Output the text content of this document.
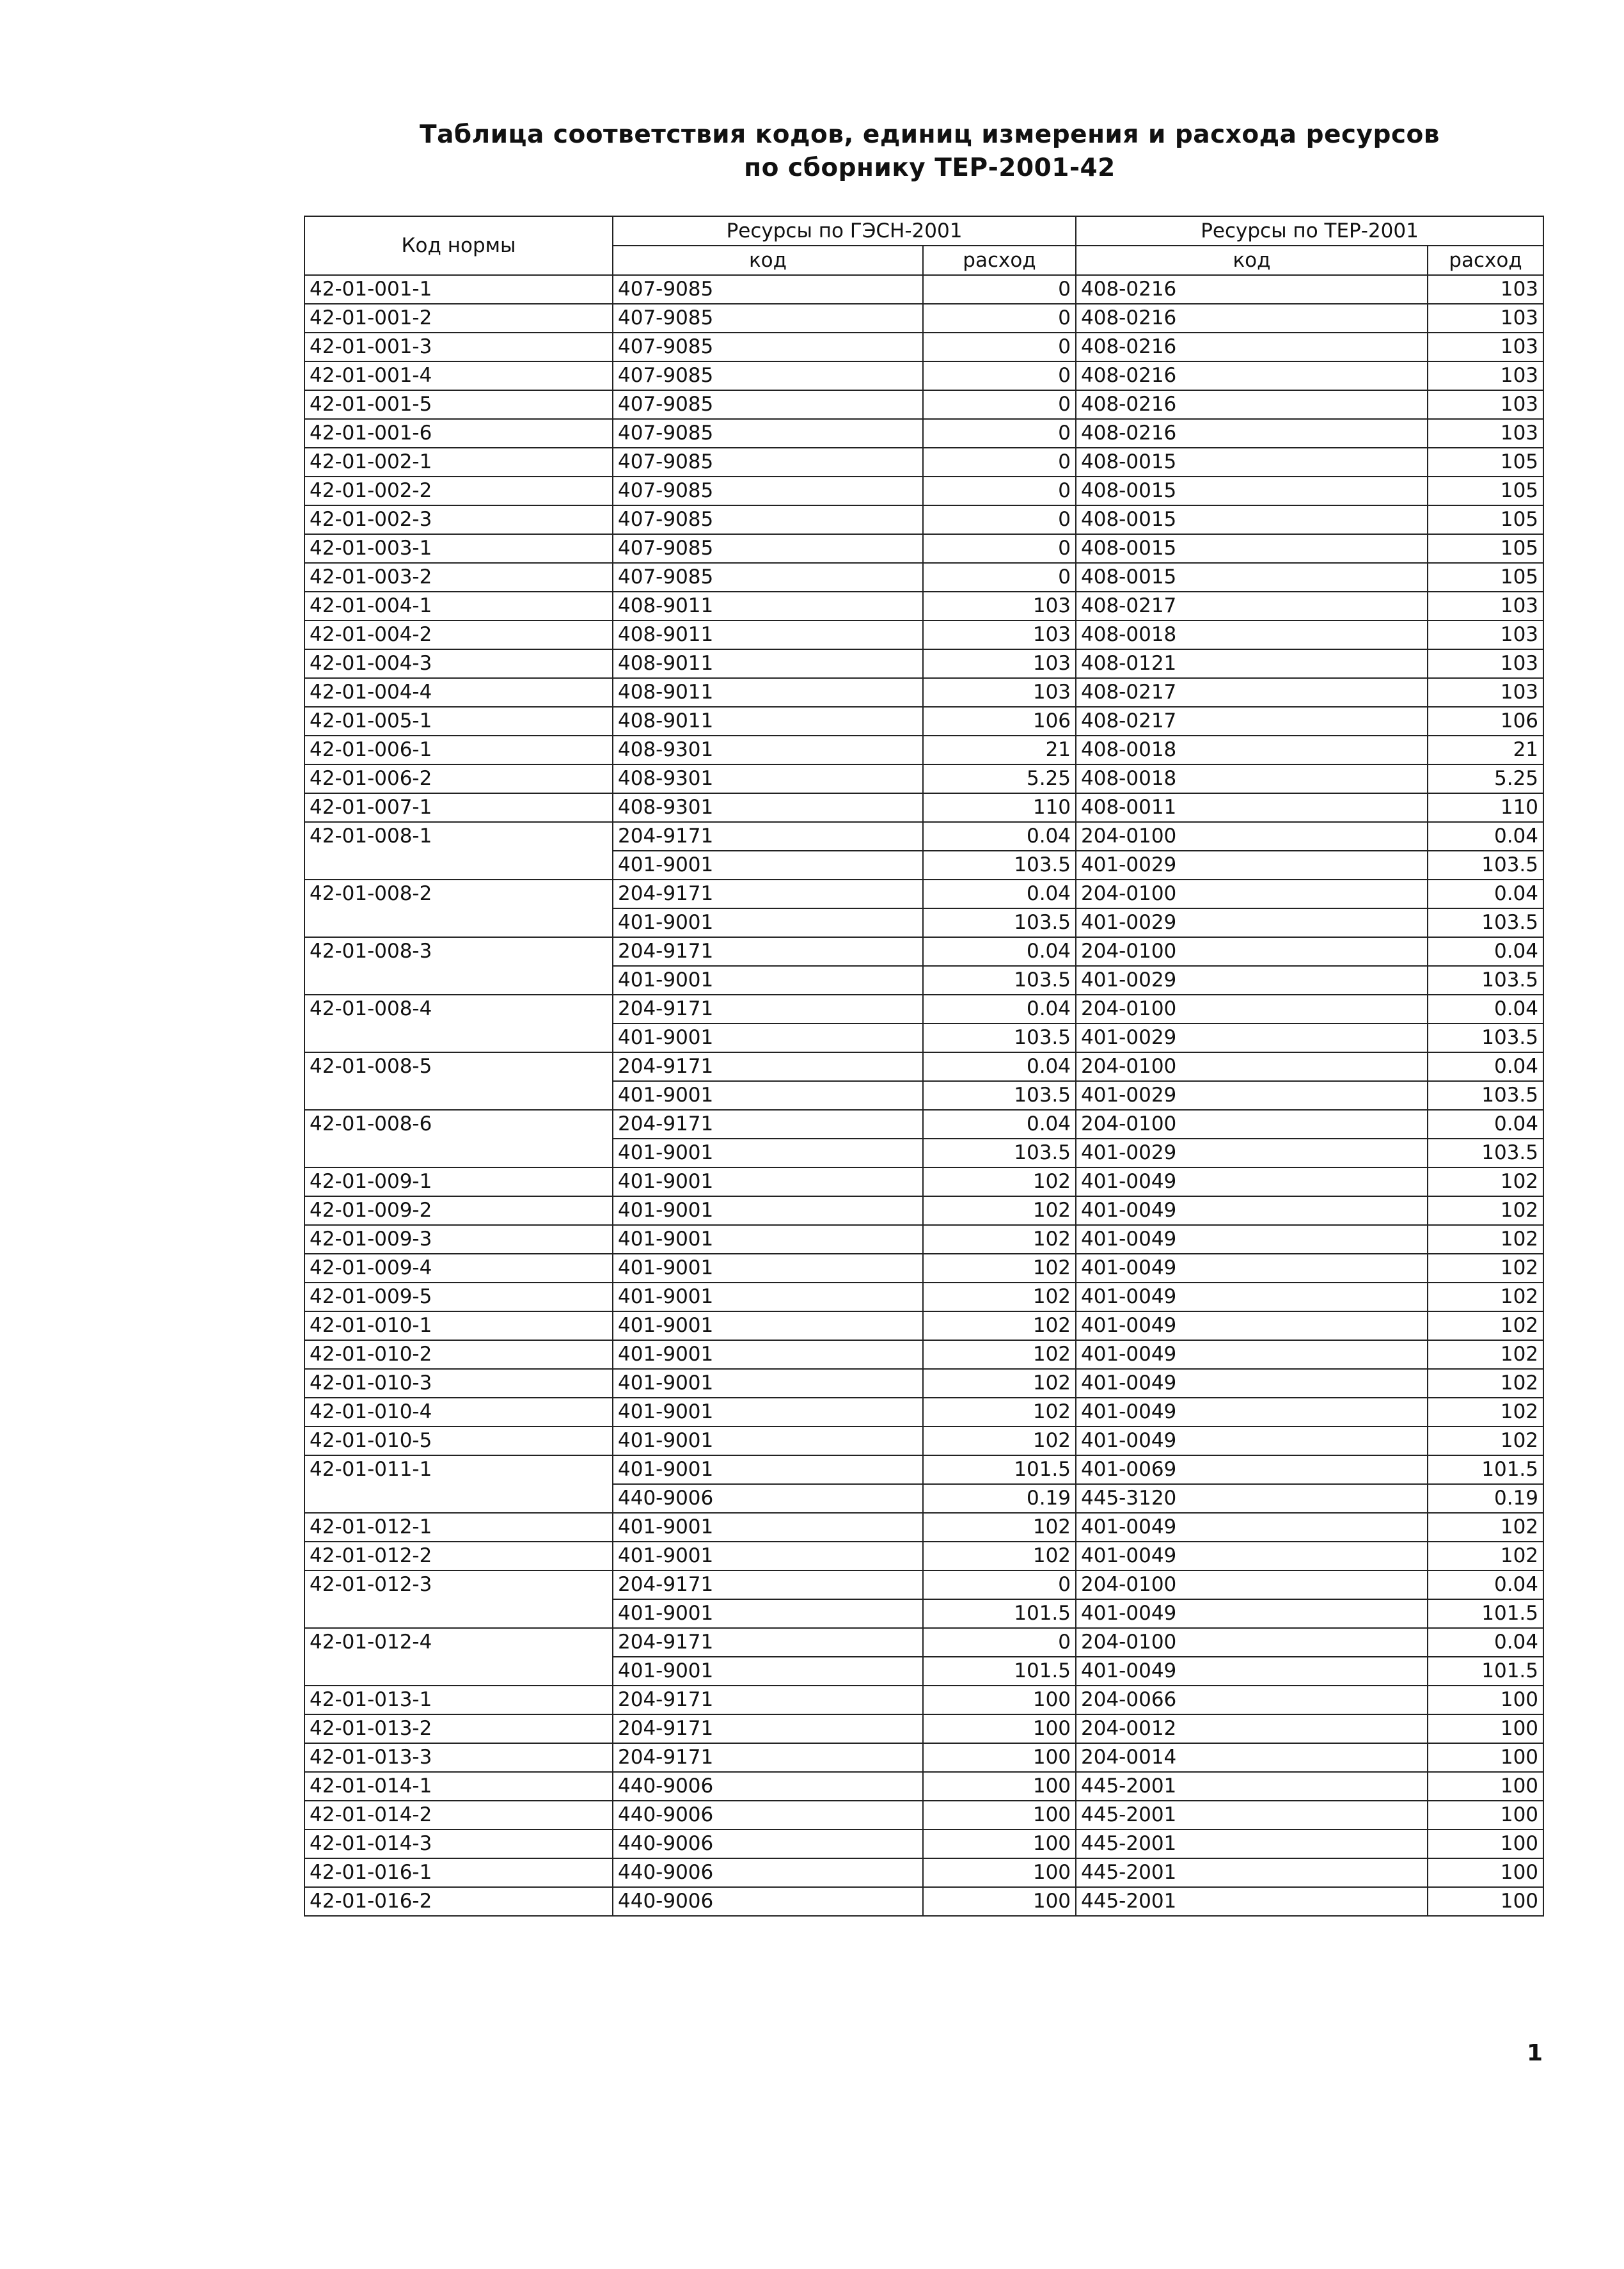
Таблица соответствия кодов, единиц измерения и расхода ресурсов
по сборнику ТЕР-2001-42
Код нормы	Ресурсы по ГЭСН-2001		Ресурсы по ТЕР-2001	
	код	расход	код	расход
42-01-001-1	407-9085	0	408-0216	103
42-01-001-2	407-9085	0	408-0216	103
42-01-001-3	407-9085	0	408-0216	103
42-01-001-4	407-9085	0	408-0216	103
42-01-001-5	407-9085	0	408-0216	103
42-01-001-6	407-9085	0	408-0216	103
42-01-002-1	407-9085	0	408-0015	105
42-01-002-2	407-9085	0	408-0015	105
42-01-002-3	407-9085	0	408-0015	105
42-01-003-1	407-9085	0	408-0015	105
42-01-003-2	407-9085	0	408-0015	105
42-01-004-1	408-9011	103	408-0217	103
42-01-004-2	408-9011	103	408-0018	103
42-01-004-3	408-9011	103	408-0121	103
42-01-004-4	408-9011	103	408-0217	103
42-01-005-1	408-9011	106	408-0217	106
42-01-006-1	408-9301	21	408-0018	21
42-01-006-2	408-9301	5.25	408-0018	5.25
42-01-007-1	408-9301	110	408-0011	110
42-01-008-1	204-9171	0.04	204-0100	0.04
	401-9001	103.5	401-0029	103.5
42-01-008-2	204-9171	0.04	204-0100	0.04
	401-9001	103.5	401-0029	103.5
42-01-008-3	204-9171	0.04	204-0100	0.04
	401-9001	103.5	401-0029	103.5
42-01-008-4	204-9171	0.04	204-0100	0.04
	401-9001	103.5	401-0029	103.5
42-01-008-5	204-9171	0.04	204-0100	0.04
	401-9001	103.5	401-0029	103.5
42-01-008-6	204-9171	0.04	204-0100	0.04
	401-9001	103.5	401-0029	103.5
42-01-009-1	401-9001	102	401-0049	102
42-01-009-2	401-9001	102	401-0049	102
42-01-009-3	401-9001	102	401-0049	102
42-01-009-4	401-9001	102	401-0049	102
42-01-009-5	401-9001	102	401-0049	102
42-01-010-1	401-9001	102	401-0049	102
42-01-010-2	401-9001	102	401-0049	102
42-01-010-3	401-9001	102	401-0049	102
42-01-010-4	401-9001	102	401-0049	102
42-01-010-5	401-9001	102	401-0049	102
42-01-011-1	401-9001	101.5	401-0069	101.5
	440-9006	0.19	445-3120	0.19
42-01-012-1	401-9001	102	401-0049	102
42-01-012-2	401-9001	102	401-0049	102
42-01-012-3	204-9171	0	204-0100	0.04
	401-9001	101.5	401-0049	101.5
42-01-012-4	204-9171	0	204-0100	0.04
	401-9001	101.5	401-0049	101.5
42-01-013-1	204-9171	100	204-0066	100
42-01-013-2	204-9171	100	204-0012	100
42-01-013-3	204-9171	100	204-0014	100
42-01-014-1	440-9006	100	445-2001	100
42-01-014-2	440-9006	100	445-2001	100
42-01-014-3	440-9006	100	445-2001	100
42-01-016-1	440-9006	100	445-2001	100
42-01-016-2	440-9006	100	445-2001	100
1
